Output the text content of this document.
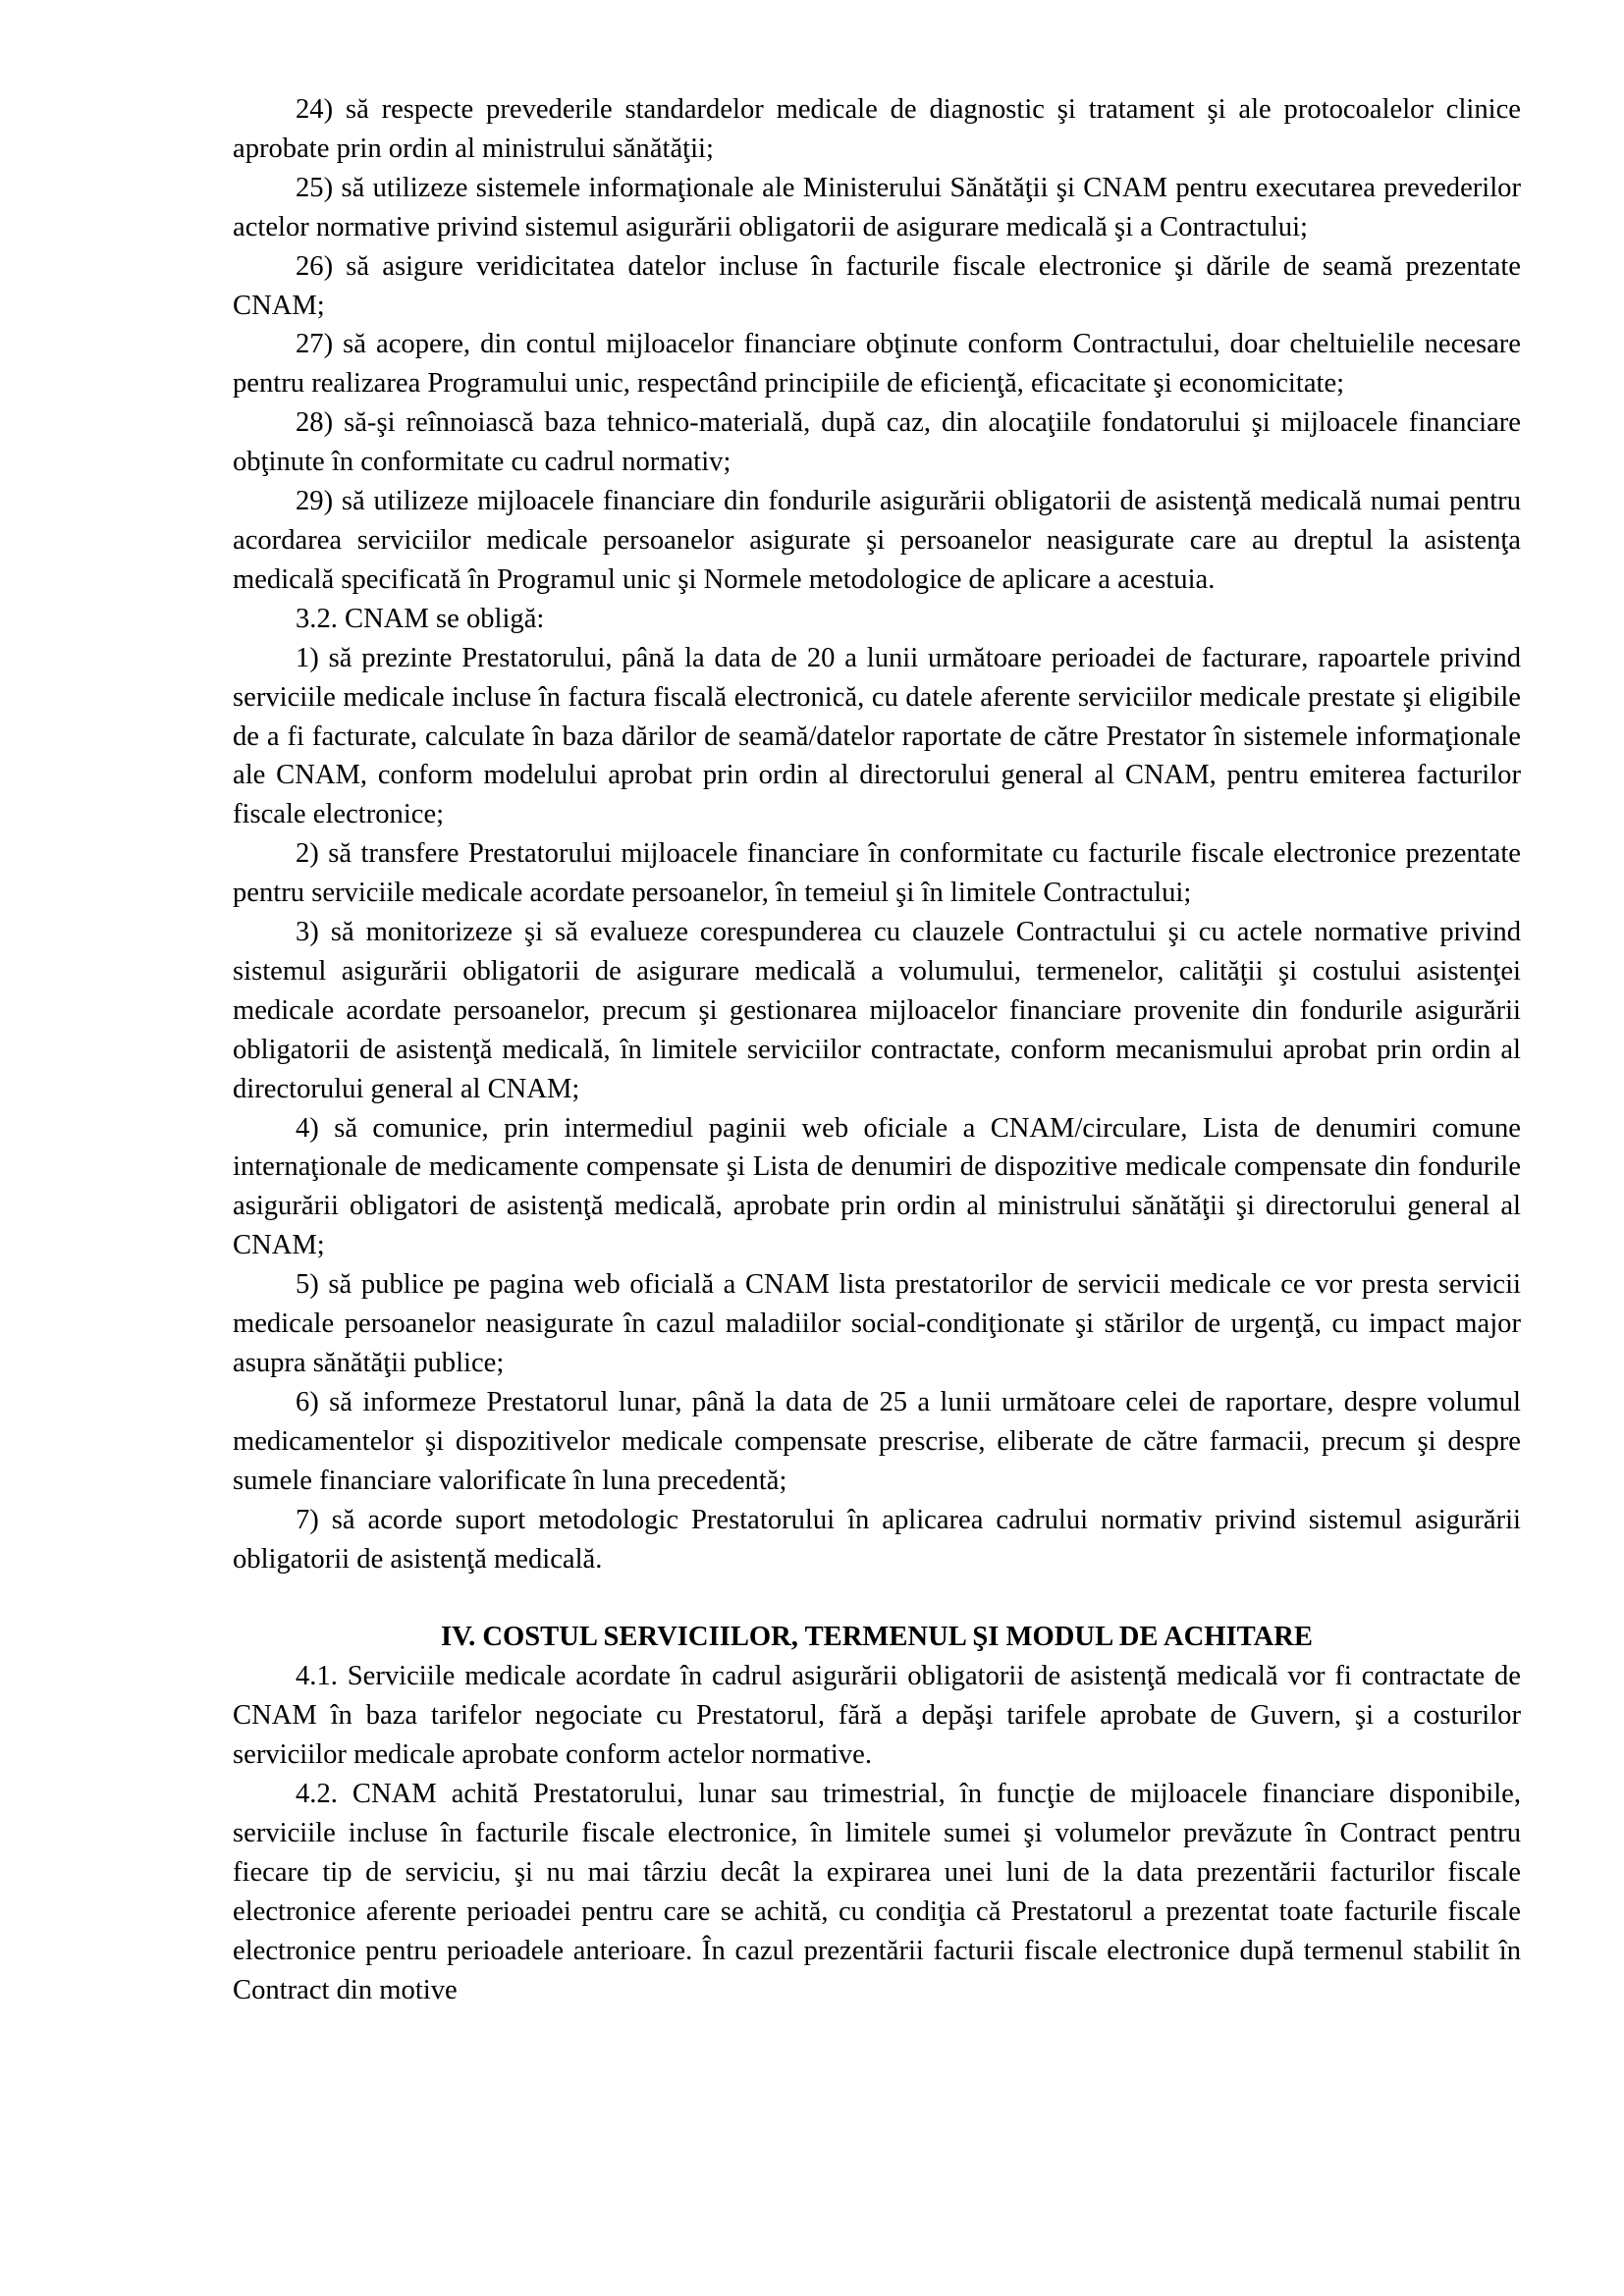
24) să respecte prevederile standardelor medicale de diagnostic şi tratament şi ale protocoalelor clinice aprobate prin ordin al ministrului sănătăţii;

25) să utilizeze sistemele informaţionale ale Ministerului Sănătăţii şi CNAM pentru executarea prevederilor actelor normative privind sistemul asigurării obligatorii de asigurare medicală şi a Contractului;

26) să asigure veridicitatea datelor incluse în facturile fiscale electronice şi dările de seamă prezentate CNAM;

27) să acopere, din contul mijloacelor financiare obţinute conform Contractului, doar cheltuielile necesare pentru realizarea Programului unic, respectând principiile de eficienţă, eficacitate şi economicitate;

28) să-şi reînnoiască baza tehnico-materială, după caz, din alocaţiile fondatorului şi mijloacele financiare obţinute în conformitate cu cadrul normativ;

29) să utilizeze mijloacele financiare din fondurile asigurării obligatorii de asistenţă medicală numai pentru acordarea serviciilor medicale persoanelor asigurate şi persoanelor neasigurate care au dreptul la asistenţa medicală specificată în Programul unic şi Normele metodologice de aplicare a acestuia.

3.2. CNAM se obligă:

1) să prezinte Prestatorului, până la data de 20 a lunii următoare perioadei de facturare, rapoartele privind serviciile medicale incluse în factura fiscală electronică, cu datele aferente serviciilor medicale prestate şi eligibile de a fi facturate, calculate în baza dărilor de seamă/datelor raportate de către Prestator în sistemele informaţionale ale CNAM, conform modelului aprobat prin ordin al directorului general al CNAM, pentru emiterea facturilor fiscale electronice;

2) să transfere Prestatorului mijloacele financiare în conformitate cu facturile fiscale electronice prezentate pentru serviciile medicale acordate persoanelor, în temeiul şi în limitele Contractului;

3) să monitorizeze şi să evalueze corespunderea cu clauzele Contractului şi cu actele normative privind sistemul asigurării obligatorii de asigurare medicală a volumului, termenelor, calităţii şi costului asistenţei medicale acordate persoanelor, precum şi gestionarea mijloacelor financiare provenite din fondurile asigurării obligatorii de asistenţă medicală, în limitele serviciilor contractate, conform mecanismului aprobat prin ordin al directorului general al CNAM;

4) să comunice, prin intermediul paginii web oficiale a CNAM/circulare, Lista de denumiri comune internaţionale de medicamente compensate şi Lista de denumiri de dispozitive medicale compensate din fondurile asigurării obligatori de asistenţă medicală, aprobate prin ordin al ministrului sănătăţii şi directorului general al CNAM;

5) să publice pe pagina web oficială a CNAM lista prestatorilor de servicii medicale ce vor presta servicii medicale persoanelor neasigurate în cazul maladiilor social-condiţionate şi stărilor de urgenţă, cu impact major asupra sănătăţii publice;

6) să informeze Prestatorul lunar, până la data de 25 a lunii următoare celei de raportare, despre volumul medicamentelor şi dispozitivelor medicale compensate prescrise, eliberate de către farmacii, precum şi despre sumele financiare valorificate în luna precedentă;

7) să acorde suport metodologic Prestatorului în aplicarea cadrului normativ privind sistemul asigurării obligatorii de asistenţă medicală.

IV. COSTUL SERVICIILOR, TERMENUL ŞI MODUL DE ACHITARE

4.1. Serviciile medicale acordate în cadrul asigurării obligatorii de asistenţă medicală vor fi contractate de CNAM în baza tarifelor negociate cu Prestatorul, fără a depăşi tarifele aprobate de Guvern, şi a costurilor serviciilor medicale aprobate conform actelor normative.

4.2. CNAM achită Prestatorului, lunar sau trimestrial, în funcţie de mijloacele financiare disponibile, serviciile incluse în facturile fiscale electronice, în limitele sumei şi volumelor prevăzute în Contract pentru fiecare tip de serviciu, şi nu mai târziu decât la expirarea unei luni de la data prezentării facturilor fiscale electronice aferente perioadei pentru care se achită, cu condiţia că Prestatorul a prezentat toate facturile fiscale electronice pentru perioadele anterioare. În cazul prezentării facturii fiscale electronice după termenul stabilit în Contract din motive
